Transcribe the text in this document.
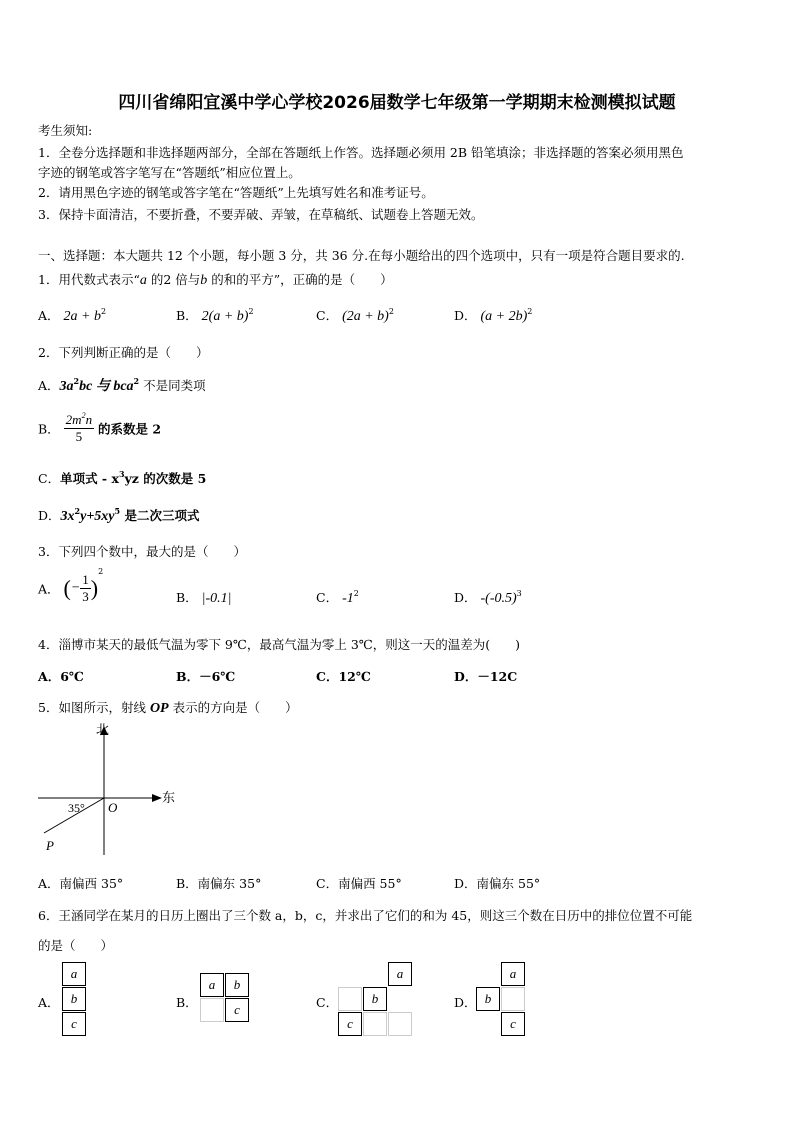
四川省绵阳宜溪中学心学校2026届数学七年级第一学期期末检测模拟试题
考生须知:
1．全卷分选择题和非选择题两部分，全部在答题纸上作答。选择题必须用 2B 铅笔填涂；非选择题的答案必须用黑色
字迹的钢笔或答字笔写在“答题纸”相应位置上。
2．请用黑色字迹的钢笔或答字笔在“答题纸”上先填写姓名和准考证号。
3．保持卡面清洁，不要折叠，不要弄破、弄皱，在草稿纸、试题卷上答题无效。
一、选择题：本大题共 12 个小题，每小题 3 分，共 36 分.在每小题给出的四个选项中，只有一项是符合题目要求的.
1．用代数式表示“a 的2 倍与b 的和的平方”，正确的是（　　）
A． $2a + b^2$	B． $2(a + b)^2$	C． $(2a + b)^2$	D． $(a + 2b)^2$
2．下列判断正确的是（　　）
A．$3a^2bc$ 与 bca$^2$ 不是同类项
B． $\frac{2m^2n}{5}$ 的系数是 2
C．单项式 - $x^3yz$ 的次数是 5
D．$3x^2y+5xy^5$ 是二次三项式
3．下列四个数中，最大的是（　　）
A． (− $\frac{1}{3} )^2$
B． |-0.1|	C． $-1^2$	D． $-(-0.5)^3$
4．淄博市某天的最低气温为零下 9℃，最高气温为零上 3℃，则这一天的温差为(　　)
A．6℃	B．－6℃	C．12℃	D．－12C
5．如图所示，射线 OP 表示的方向是（　　）
北
东
35° O
P
A．南偏西 35°	B．南偏东 35°	C．南偏西 55°	D．南偏东 55°
6．王涵同学在某月的日历上圈出了三个数 a，b，c，并求出了它们的和为 45，则这三个数在日历中的排位位置不可能
的是（　　）
A．
a
b
c
B．
a	b
c	C．
a
b
c
D．
a
b
c
